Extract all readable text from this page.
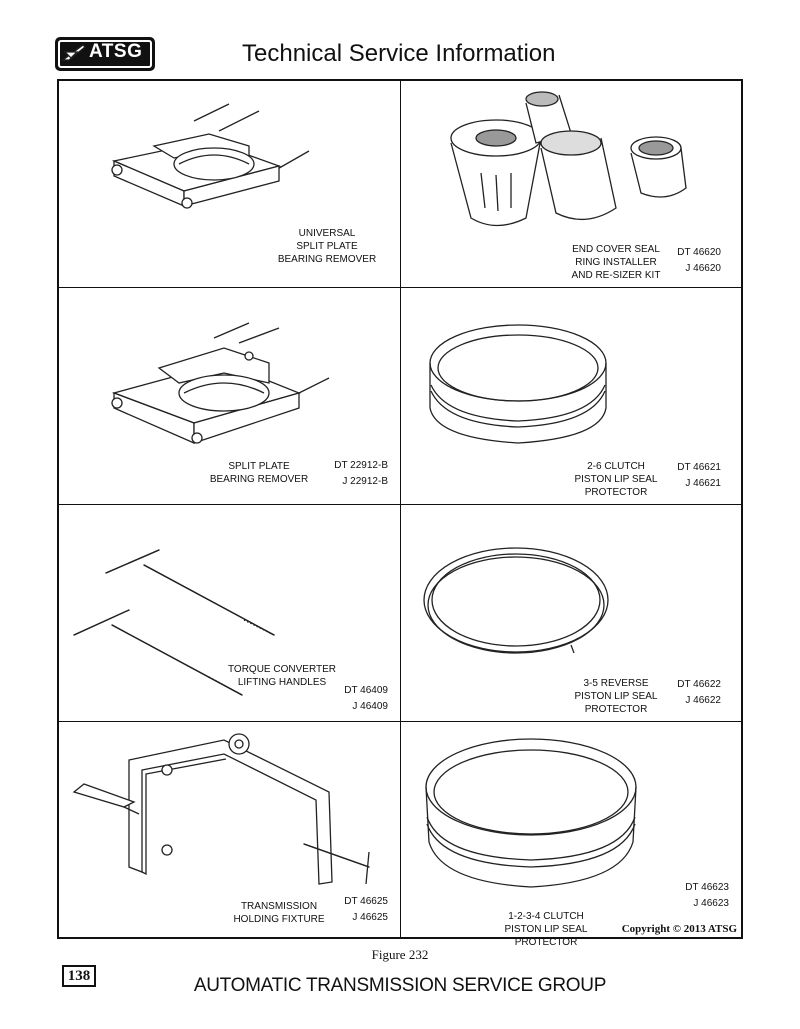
ATSG	Technical Service Information
UNIVERSAL
SPLIT PLATE
BEARING REMOVER
END COVER SEAL
RING INSTALLER
AND RE-SIZER KIT
DT 46620
J 46620
SPLIT PLATE
BEARING REMOVER
DT 22912-B
J 22912-B
2-6 CLUTCH
PISTON LIP SEAL
PROTECTOR
DT 46621
J 46621
TORQUE CONVERTER
LIFTING HANDLES
DT 46409
J 46409
3-5 REVERSE
PISTON LIP SEAL
PROTECTOR
DT 46622
J 46622
TRANSMISSION
HOLDING FIXTURE
DT 46625
J 46625	1-2-3-4 CLUTCH
PISTON LIP SEAL
PROTECTOR
DT 46623
J 46623
Copyright © 2013 ATSG
Figure 232
138	AUTOMATIC TRANSMISSION SERVICE GROUP
